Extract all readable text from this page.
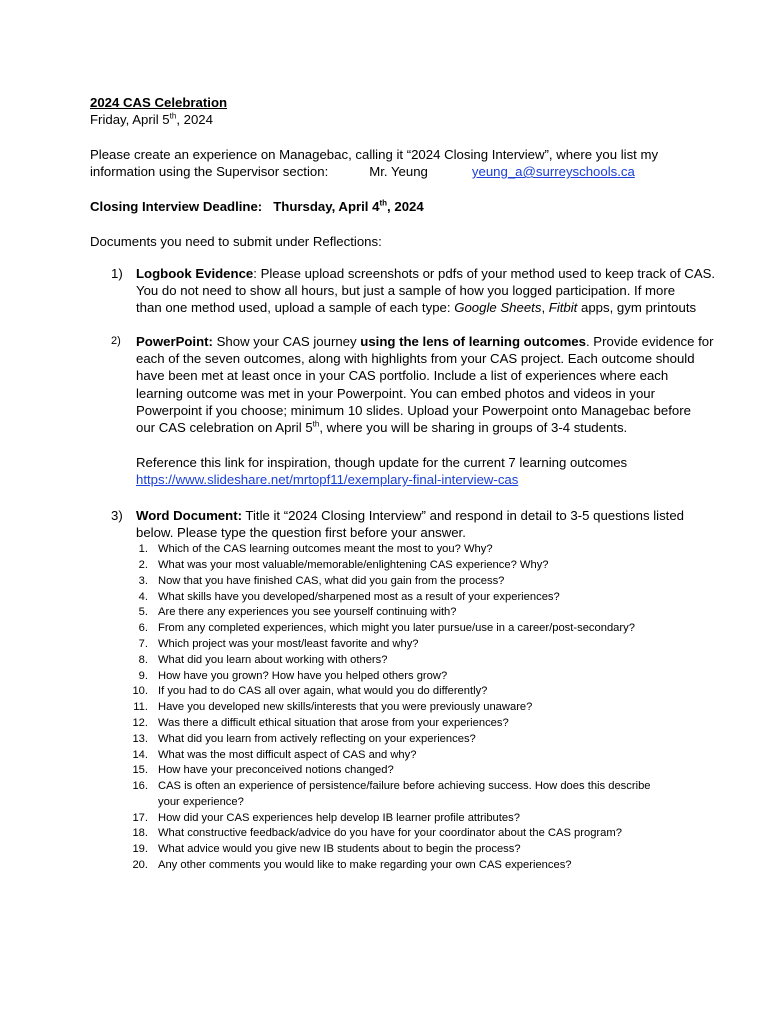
2024 CAS Celebration
Friday, April 5th, 2024
Please create an experience on Managebac, calling it “2024 Closing Interview”, where you list my
information using the Supervisor section:	Mr. Yeung	yeung_a@surreyschools.ca
Closing Interview Deadline: Thursday, April 4th, 2024
Documents you need to submit under Reflections:
1) Logbook Evidence: Please upload screenshots or pdfs of your method used to keep track of CAS.
You do not need to show all hours, but just a sample of how you logged participation. If more
than one method used, upload a sample of each type: Google Sheets, Fitbit apps, gym printouts
2) PowerPoint: Show your CAS journey using the lens of learning outcomes. Provide evidence for
each of the seven outcomes, along with highlights from your CAS project. Each outcome should
have been met at least once in your CAS portfolio. Include a list of experiences where each
learning outcome was met in your Powerpoint. You can embed photos and videos in your
Powerpoint if you choose; minimum 10 slides. Upload your Powerpoint onto Managebac before
our CAS celebration on April 5th, where you will be sharing in groups of 3-4 students.
Reference this link for inspiration, though update for the current 7 learning outcomes
https://www.slideshare.net/mrtopf11/exemplary-final-interview-cas
3) Word Document: Title it “2024 Closing Interview” and respond in detail to 3-5 questions listed
below. Please type the question first before your answer.
1. Which of the CAS learning outcomes meant the most to you? Why?
2. What was your most valuable/memorable/enlightening CAS experience? Why?
3. Now that you have finished CAS, what did you gain from the process?
4. What skills have you developed/sharpened most as a result of your experiences?
5. Are there any experiences you see yourself continuing with?
6. From any completed experiences, which might you later pursue/use in a career/post-secondary?
7. Which project was your most/least favorite and why?
8. What did you learn about working with others?
9. How have you grown? How have you helped others grow?
10. If you had to do CAS all over again, what would you do differently?
11. Have you developed new skills/interests that you were previously unaware?
12. Was there a difficult ethical situation that arose from your experiences?
13. What did you learn from actively reflecting on your experiences?
14. What was the most difficult aspect of CAS and why?
15. How have your preconceived notions changed?
16. CAS is often an experience of persistence/failure before achieving success. How does this describe
your experience?
17. How did your CAS experiences help develop IB learner profile attributes?
18. What constructive feedback/advice do you have for your coordinator about the CAS program?
19. What advice would you give new IB students about to begin the process?
20. Any other comments you would like to make regarding your own CAS experiences?
